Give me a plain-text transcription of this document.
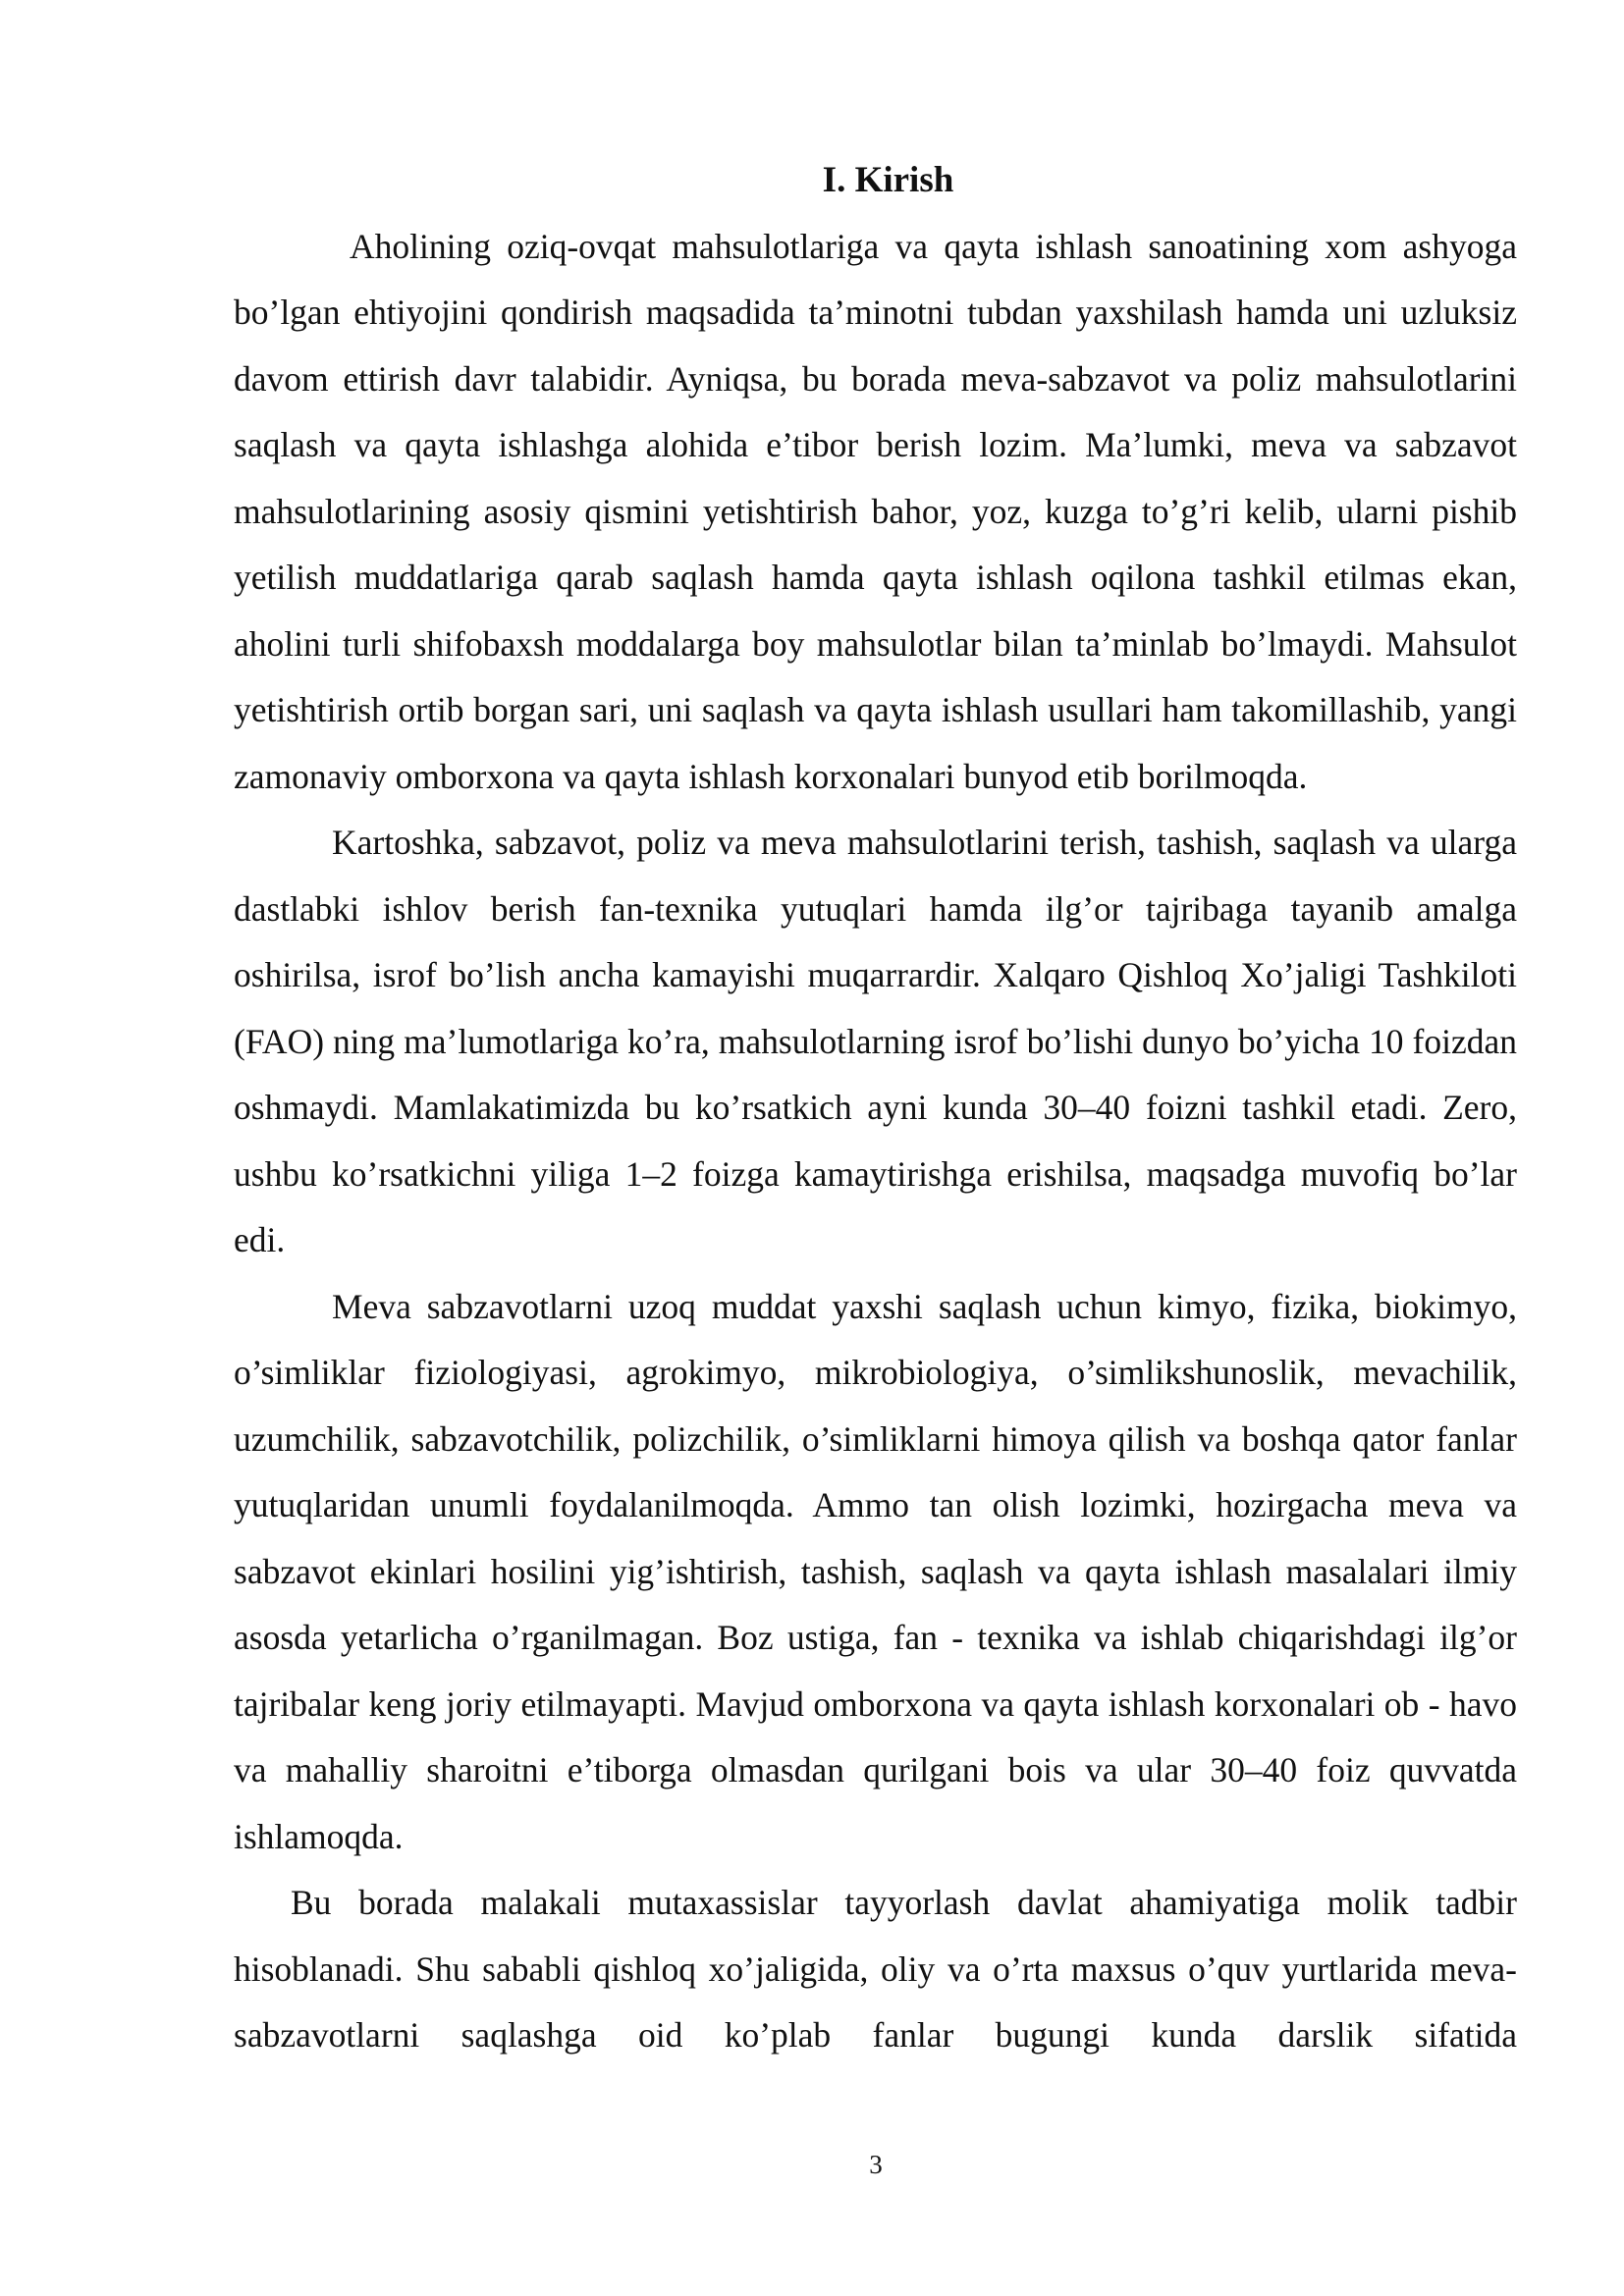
I. Kirish

Aholining oziq-ovqat mahsulotlariga va qayta ishlash sanoatining xom ashyoga bo’lgan ehtiyojini qondirish maqsadida ta’minotni tubdan yaxshilash hamda uni uzluksiz davom ettirish davr talabidir. Ayniqsa, bu borada meva-sabzavot va poliz mahsulotlarini saqlash va qayta ishlashga alohida e’tibor berish lozim. Ma’lumki, meva va sabzavot mahsulotlarining asosiy qismini yetishtirish bahor, yoz, kuzga to’g’ri kelib, ularni pishib yetilish muddatlariga qarab saqlash hamda qayta ishlash oqilona tashkil etilmas ekan, aholini turli shifobaxsh moddalarga boy mahsulotlar bilan ta’minlab bo’lmaydi. Mahsulot yetishtirish ortib borgan sari, uni saqlash va qayta ishlash usullari ham takomillashib, yangi zamonaviy omborxona va qayta ishlash korxonalari bunyod etib borilmoqda.

Kartoshka, sabzavot, poliz va meva mahsulotlarini terish, tashish, saqlash va ularga dastlabki ishlov berish fan-texnika yutuqlari hamda ilg’or tajribaga tayanib amalga oshirilsa, isrof bo’lish ancha kamayishi muqarrardir. Xalqaro Qishloq Xo’jaligi Tashkiloti (FAO) ning ma’lumotlariga ko’ra, mahsulotlarning isrof bo’lishi dunyo bo’yicha 10 foizdan oshmaydi. Mamlakatimizda bu ko’rsatkich ayni kunda 30–40 foizni tashkil etadi. Zero, ushbu ko’rsatkichni yiliga 1–2 foizga kamaytirishga erishilsa, maqsadga muvofiq bo’lar edi.

Meva sabzavotlarni uzoq muddat yaxshi saqlash uchun kimyo, fizika, biokimyo, o’simliklar fiziologiyasi, agrokimyo, mikrobiologiya, o’simlikshunoslik, mevachilik, uzumchilik, sabzavotchilik, polizchilik, o’simliklarni himoya qilish va boshqa qator fanlar yutuqlaridan unumli foydalanilmoqda. Ammo tan olish lozimki, hozirgacha meva va sabzavot ekinlari hosilini yig’ishtirish, tashish, saqlash va qayta ishlash masalalari ilmiy asosda yetarlicha o’rganilmagan. Boz ustiga, fan - texnika va ishlab chiqarishdagi ilg’or tajribalar keng joriy etilmayapti. Mavjud omborxona va qayta ishlash korxonalari ob - havo va mahalliy sharoitni e’tiborga olmasdan qurilgani bois va ular 30–40 foiz quvvatda ishlamoqda.

Bu borada malakali mutaxassislar tayyorlash davlat ahamiyatiga molik tadbir hisoblanadi. Shu sababli qishloq xo’jaligida, oliy va o’rta maxsus o’quv yurtlarida meva-sabzavotlarni saqlashga oid ko’plab fanlar bugungi kunda darslik sifatida

3
